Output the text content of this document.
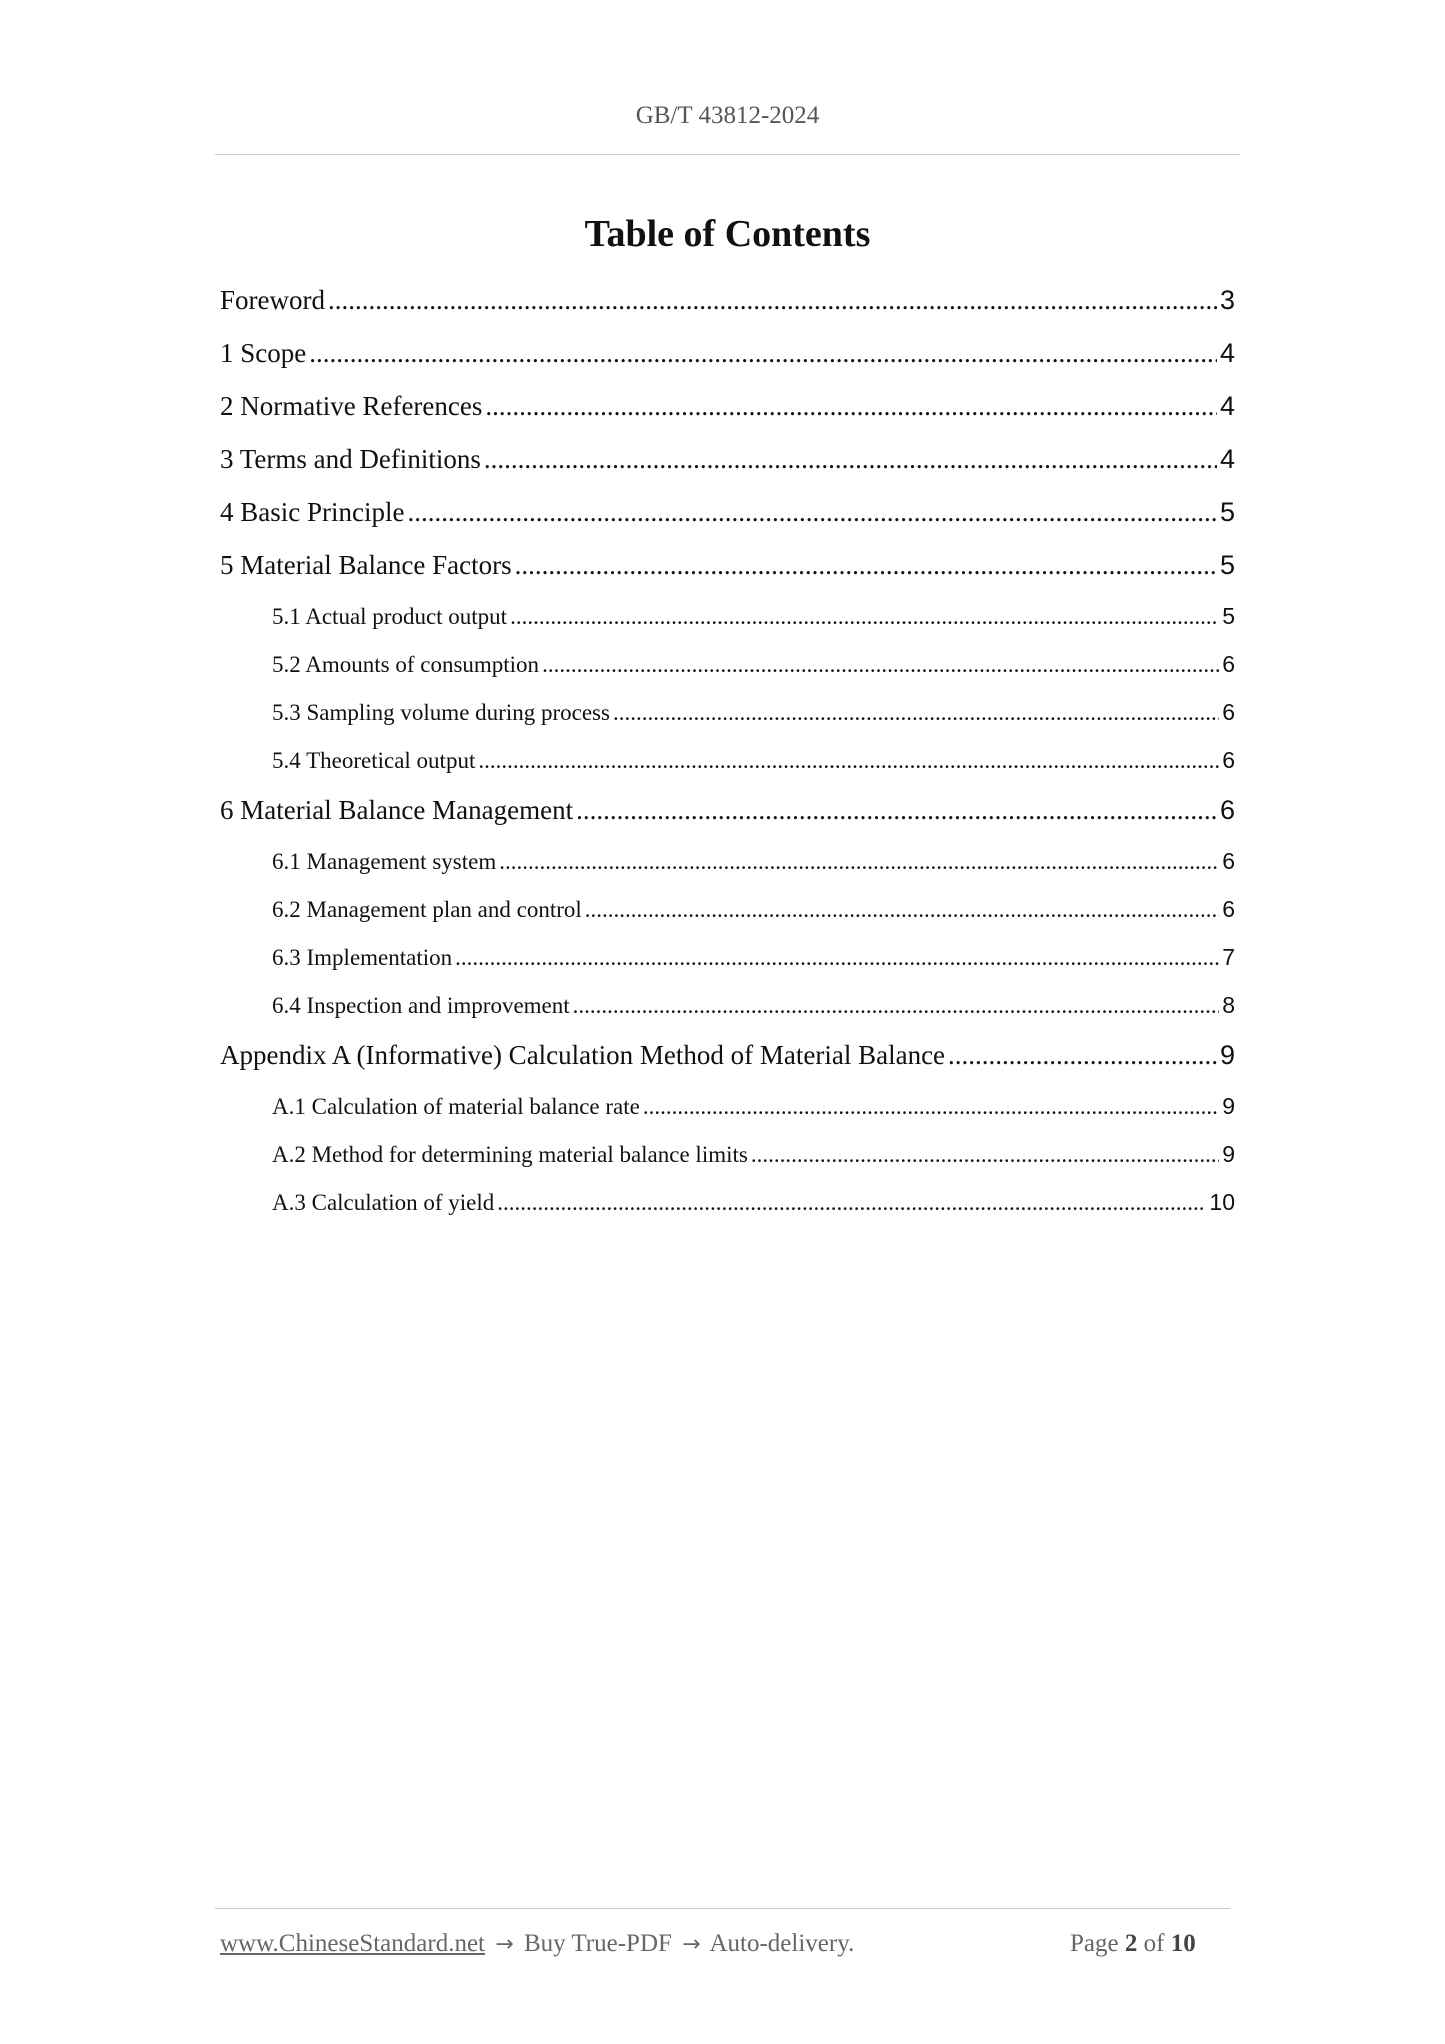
GB/T 43812-2024
Table of Contents
Foreword .....	3
1 Scope .....	4
2 Normative References .....	4
3 Terms and Definitions .....	4
4 Basic Principle .....	5
5 Material Balance Factors .....	5
5.1 Actual product output .....	5
5.2 Amounts of consumption .....	6
5.3 Sampling volume during process .....	6
5.4 Theoretical output .....	6
6 Material Balance Management .....	6
6.1 Management system .....	6
6.2 Management plan and control .....	6
6.3 Implementation .....	7
6.4 Inspection and improvement .....	8
Appendix A (Informative) Calculation Method of Material Balance .....	9
A.1 Calculation of material balance rate .....	9
A.2 Method for determining material balance limits .....	9
A.3 Calculation of yield .....	10
www.ChineseStandard.net → Buy True-PDF → Auto-delivery.	Page 2 of 10
